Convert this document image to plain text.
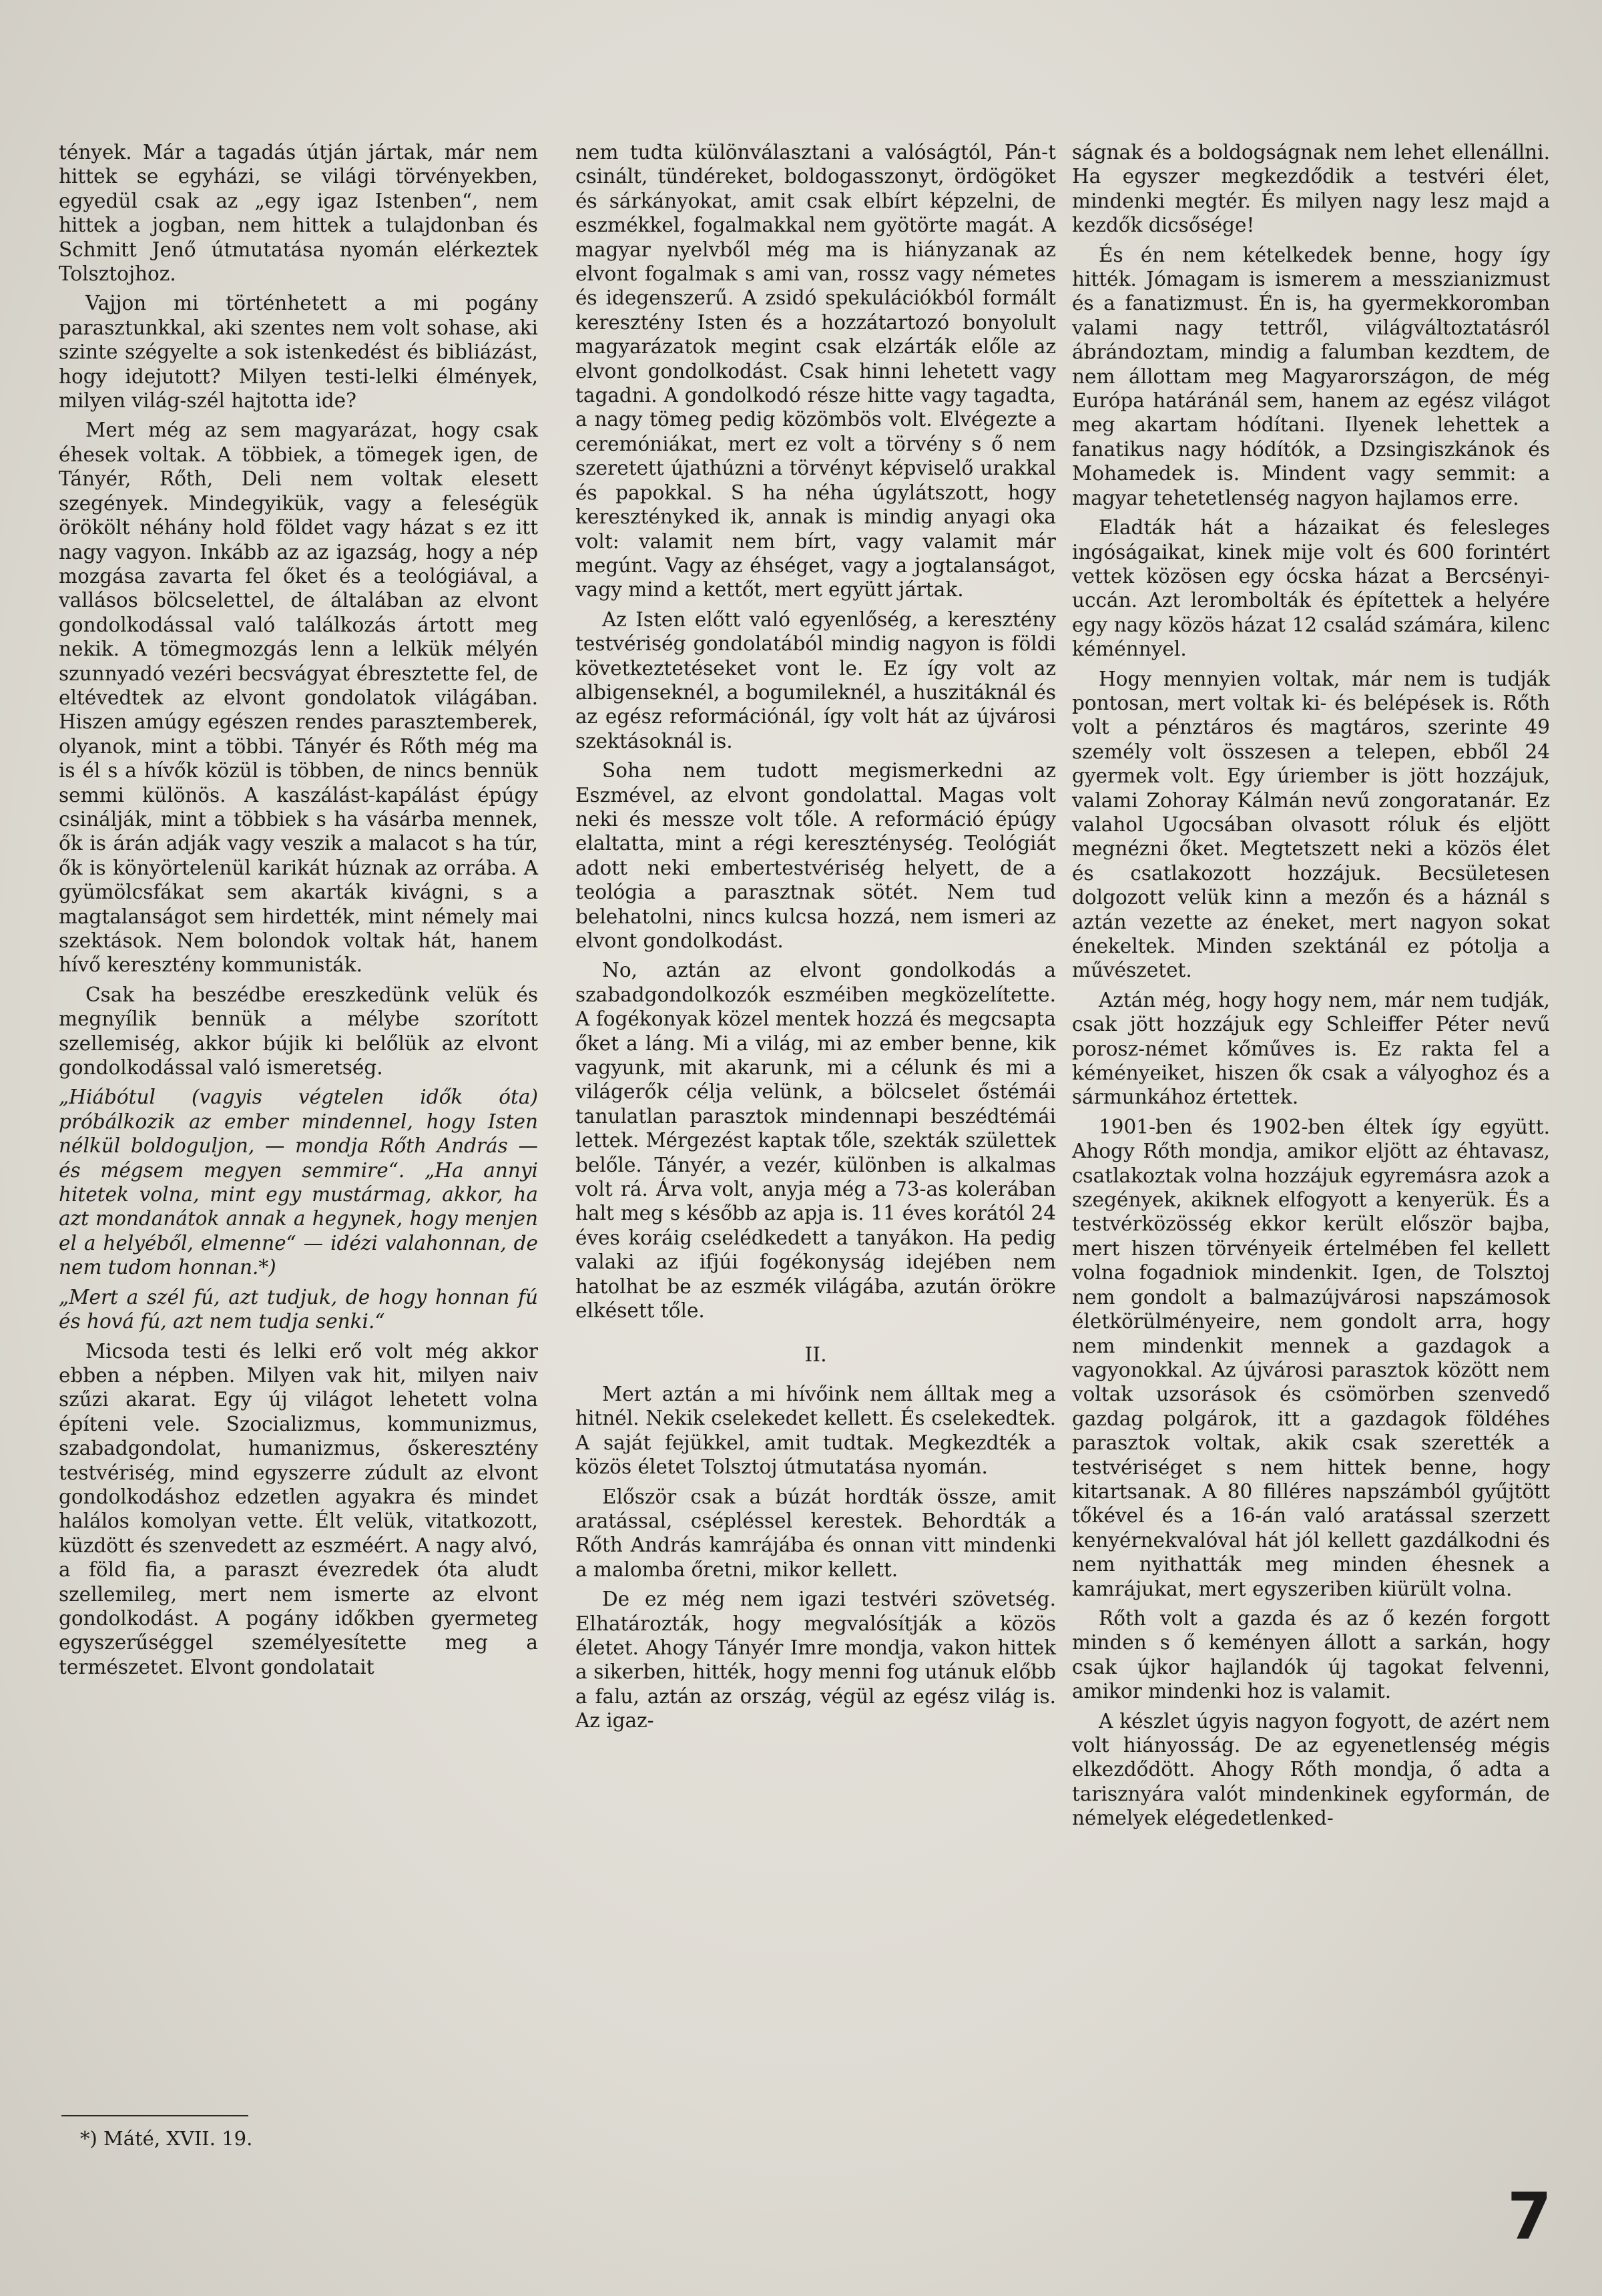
tények. Már a tagadás útján jártak, már nem hittek se egyházi, se világi törvényekben, egyedül csak az „egy igaz Istenben“, nem hittek a jogban, nem hittek a tulajdonban és Schmitt Jenő útmutatása nyomán elérkeztek Tolsztojhoz.

Vajjon mi történhetett a mi pogány parasztunkkal, aki szentes nem volt sohase, aki szinte szégyelte a sok istenkedést és bibliázást, hogy idejutott? Milyen testi-lelki élmények, milyen világ-szél hajtotta ide?

Mert még az sem magyarázat, hogy csak éhesek voltak. A többiek, a tömegek igen, de Tányér, Rőth, Deli nem voltak elesett szegények. Mindegyikük, vagy a feleségük örökölt néhány hold földet vagy házat s ez itt nagy vagyon. Inkább az az igazság, hogy a nép mozgása zavarta fel őket és a teológiával, a vallásos bölcselettel, de általában az elvont gondolkodással való találkozás ártott meg nekik. A tömegmozgás lenn a lelkük mélyén szunnyadó vezéri becsvágyat ébresztette fel, de eltévedtek az elvont gondolatok világában. Hiszen amúgy egészen rendes parasztemberek, olyanok, mint a többi. Tányér és Rőth még ma is él s a hívők közül is többen, de nincs bennük semmi különös. A kaszálást-kapálást épúgy csinálják, mint a többiek s ha vásárba mennek, ők is árán adják vagy veszik a malacot s ha túr, ők is könyörtelenül karikát húznak az orrába. A gyümölcsfákat sem akarták kivágni, s a magtalanságot sem hirdették, mint némely mai szektások. Nem bolondok voltak hát, hanem hívő keresztény kommunisták.

Csak ha beszédbe ereszkedünk velük és megnyílik bennük a mélybe szorított szellemiség, akkor bújik ki belőlük az elvont gondolkodással való ismeretség.

„Hiábótul (vagyis végtelen idők óta) próbálkozik az ember mindennel, hogy Isten nélkül boldoguljon, — mondja Rőth András — és mégsem megyen semmire“. „Ha annyi hitetek volna, mint egy mustármag, akkor, ha azt mondanátok annak a hegynek, hogy menjen el a helyéből, elmenne“ — idézi valahonnan, de nem tudom honnan.*)

„Mert a szél fú, azt tudjuk, de hogy honnan fú és hová fú, azt nem tudja senki.“

Micsoda testi és lelki erő volt még akkor ebben a népben. Milyen vak hit, milyen naiv szűzi akarat. Egy új világot lehetett volna építeni vele. Szocializmus, kommunizmus, szabadgondolat, humanizmus, őskeresztény testvériség, mind egyszerre zúdult az elvont gondolkodáshoz edzetlen agyakra és mindet halálos komolyan vette. Élt velük, vitatkozott, küzdött és szenvedett az eszméért. A nagy alvó, a föld fia, a paraszt évezredek óta aludt szellemileg, mert nem ismerte az elvont gondolkodást. A pogány időkben gyermeteg egyszerűséggel személyesítette meg a természetet. Elvont gondolatait

nem tudta különválasztani a valóságtól, Pán-t csinált, tündéreket, boldogasszonyt, ördögöket és sárkányokat, amit csak elbírt képzelni, de eszmékkel, fogalmakkal nem gyötörte magát. A magyar nyelvből még ma is hiányzanak az elvont fogalmak s ami van, rossz vagy németes és idegenszerű. A zsidó spekulációkból formált keresztény Isten és a hozzátartozó bonyolult magyarázatok megint csak elzárták előle az elvont gondolkodást. Csak hinni lehetett vagy tagadni. A gondolkodó része hitte vagy tagadta, a nagy tömeg pedig közömbös volt. Elvégezte a ceremóniákat, mert ez volt a törvény s ő nem szeretett újathúzni a törvényt képviselő urakkal és papokkal. S ha néha úgylátszott, hogy keresztényked ik, annak is mindig anyagi oka volt: valamit nem bírt, vagy valamit már megúnt. Vagy az éhséget, vagy a jogtalanságot, vagy mind a kettőt, mert együtt jártak.

Az Isten előtt való egyenlőség, a keresztény testvériség gondolatából mindig nagyon is földi következtetéseket vont le. Ez így volt az albigenseknél, a bogumileknél, a huszitáknál és az egész reformációnál, így volt hát az újvárosi szektásoknál is.

Soha nem tudott megismerkedni az Eszmével, az elvont gondolattal. Magas volt neki és messze volt tőle. A reformáció épúgy elaltatta, mint a régi kereszténység. Teológiát adott neki embertestvériség helyett, de a teológia a parasztnak sötét. Nem tud belehatolni, nincs kulcsa hozzá, nem ismeri az elvont gondolkodást.

No, aztán az elvont gondolkodás a szabadgondolkozók eszméiben megközelítette. A fogékonyak közel mentek hozzá és megcsapta őket a láng. Mi a világ, mi az ember benne, kik vagyunk, mit akarunk, mi a célunk és mi a világerők célja velünk, a bölcselet őstémái tanulatlan parasztok mindennapi beszédtémái lettek. Mérgezést kaptak tőle, szekták születtek belőle. Tányér, a vezér, különben is alkalmas volt rá. Árva volt, anyja még a 73-as kolerában halt meg s később az apja is. 11 éves korától 24 éves koráig cselédkedett a tanyákon. Ha pedig valaki az ifjúi fogékonyság idejében nem hatolhat be az eszmék világába, azután örökre elkésett tőle.

II.

Mert aztán a mi hívőink nem álltak meg a hitnél. Nekik cselekedet kellett. És cselekedtek. A saját fejükkel, amit tudtak. Megkezdték a közös életet Tolsztoj útmutatása nyomán.

Először csak a búzát hordták össze, amit aratással, csépléssel kerestek. Behordták a Rőth András kamrájába és onnan vitt mindenki a malomba őretni, mikor kellett.

De ez még nem igazi testvéri szövetség. Elhatározták, hogy megvalósítják a közös életet. Ahogy Tányér Imre mondja, vakon hittek a sikerben, hitték, hogy menni fog utánuk előbb a falu, aztán az ország, végül az egész világ is. Az igaz-

ságnak és a boldogságnak nem lehet ellenállni. Ha egyszer megkezdődik a testvéri élet, mindenki megtér. És milyen nagy lesz majd a kezdők dicsősége!

És én nem kételkedek benne, hogy így hitték. Jómagam is ismerem a messzianizmust és a fanatizmust. Én is, ha gyermekkoromban valami nagy tettről, világváltoztatásról ábrándoztam, mindig a falumban kezdtem, de nem állottam meg Magyarországon, de még Európa határánál sem, hanem az egész világot meg akartam hódítani. Ilyenek lehettek a fanatikus nagy hódítók, a Dzsingiszkánok és Mohamedek is. Mindent vagy semmit: a magyar tehetetlenség nagyon hajlamos erre.

Eladták hát a házaikat és felesleges ingóságaikat, kinek mije volt és 600 forintért vettek közösen egy ócska házat a Bercsényi-uccán. Azt lerombolták és építettek a helyére egy nagy közös házat 12 család számára, kilenc kéménnyel.

Hogy mennyien voltak, már nem is tudják pontosan, mert voltak ki- és belépések is. Rőth volt a pénztáros és magtáros, szerinte 49 személy volt összesen a telepen, ebből 24 gyermek volt. Egy úriember is jött hozzájuk, valami Zohoray Kálmán nevű zongoratanár. Ez valahol Ugocsában olvasott róluk és eljött megnézni őket. Megtetszett neki a közös élet és csatlakozott hozzájuk. Becsületesen dolgozott velük kinn a mezőn és a háznál s aztán vezette az éneket, mert nagyon sokat énekeltek. Minden szektánál ez pótolja a művészetet.

Aztán még, hogy hogy nem, már nem tudják, csak jött hozzájuk egy Schleiffer Péter nevű porosz-német kőműves is. Ez rakta fel a kéményeiket, hiszen ők csak a vályoghoz és a sármunkához értettek.

1901-ben és 1902-ben éltek így együtt. Ahogy Rőth mondja, amikor eljött az éhtavasz, csatlakoztak volna hozzájuk egyremásra azok a szegények, akiknek elfogyott a kenyerük. És a testvérközösség ekkor került először bajba, mert hiszen törvényeik értelmében fel kellett volna fogadniok mindenkit. Igen, de Tolsztoj nem gondolt a balmazújvárosi napszámosok életkörülményeire, nem gondolt arra, hogy nem mindenkit mennek a gazdagok a vagyonokkal. Az újvárosi parasztok között nem voltak uzsorások és csömörben szenvedő gazdag polgárok, itt a gazdagok földéhes parasztok voltak, akik csak szerették a testvériséget s nem hittek benne, hogy kitartsanak. A 80 filléres napszámból gyűjtött tőkével és a 16-án való aratással szerzett kenyérnekvalóval hát jól kellett gazdálkodni és nem nyithatták meg minden éhesnek a kamrájukat, mert egyszeriben kiürült volna.

Rőth volt a gazda és az ő kezén forgott minden s ő keményen állott a sarkán, hogy csak újkor hajlandók új tagokat felvenni, amikor mindenki hoz is valamit.

A készlet úgyis nagyon fogyott, de azért nem volt hiányosság. De az egyenetlenség mégis elkezdődött. Ahogy Rőth mondja, ő adta a tarisznyára valót mindenkinek egyformán, de némelyek elégedetlenked-

*) Máté, XVII. 19.
7
